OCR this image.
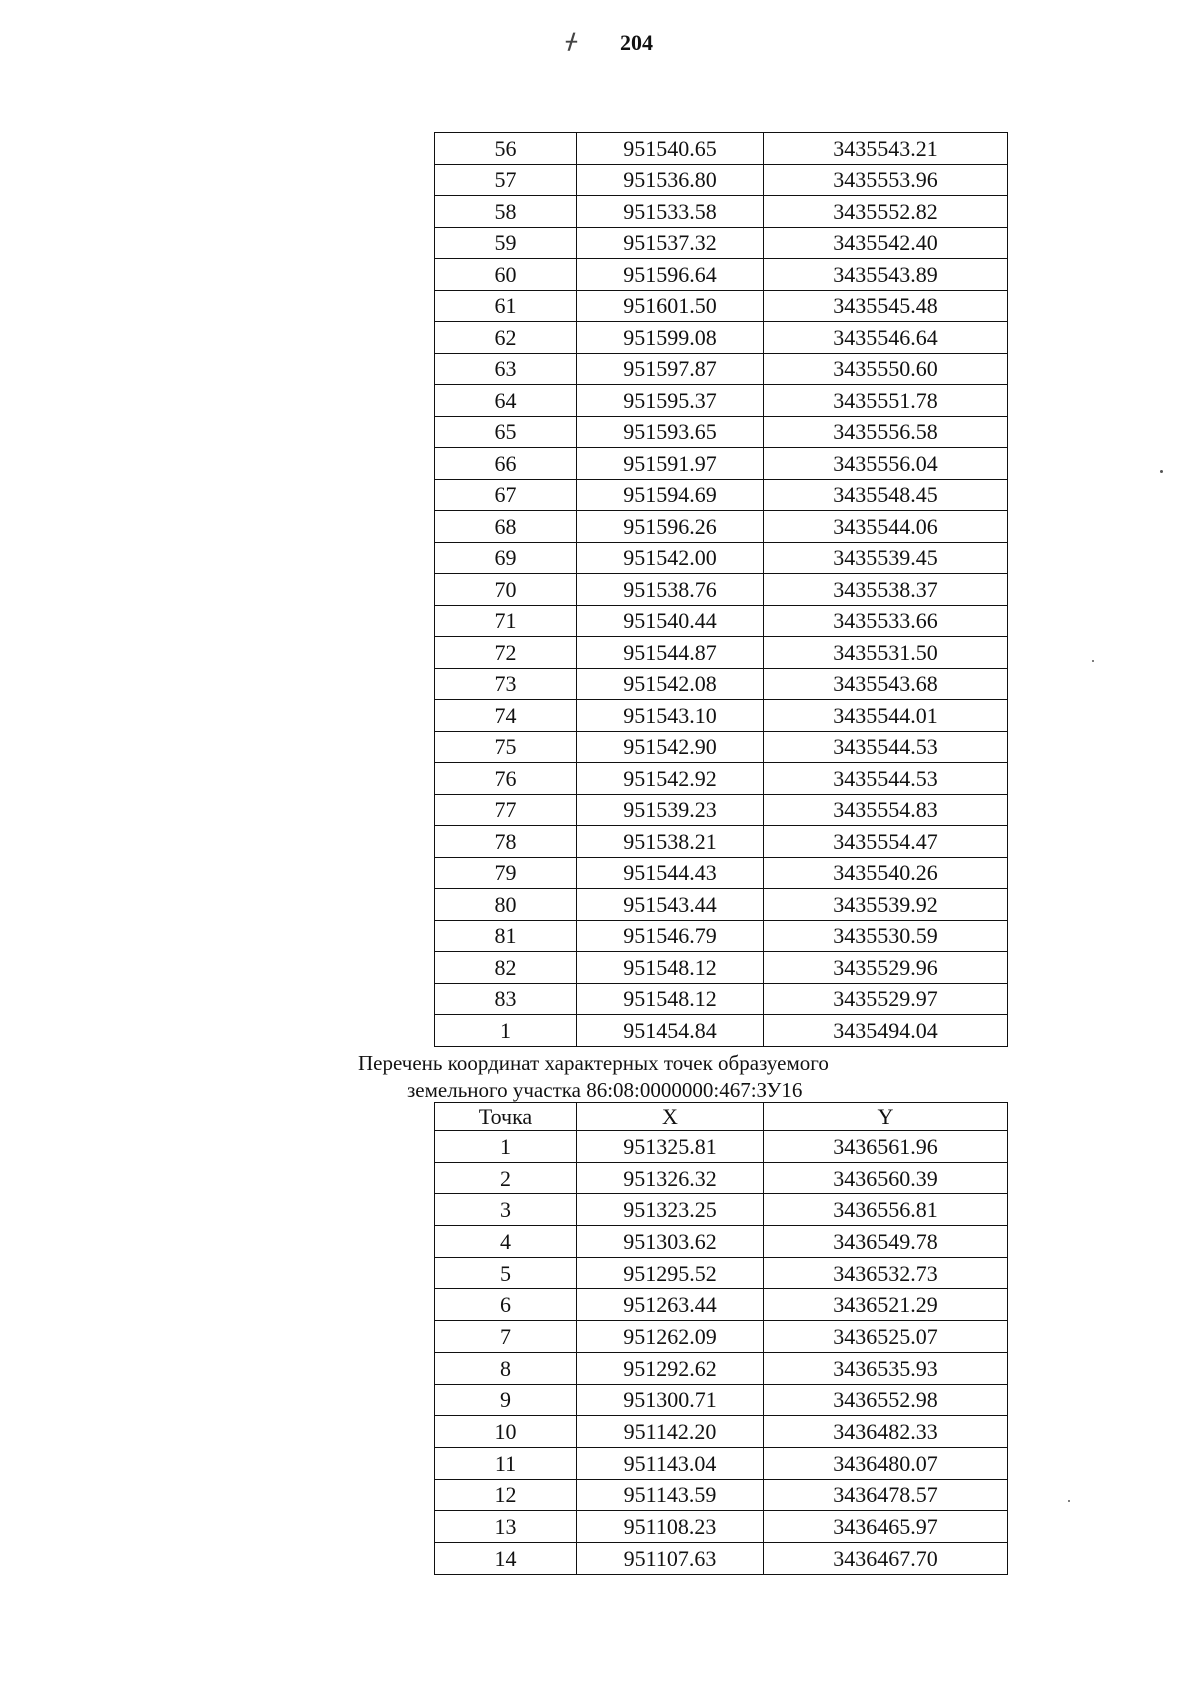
ᚋ 204
56	951540.65	3435543.21
57	951536.80	3435553.96
58	951533.58	3435552.82
59	951537.32	3435542.40
60	951596.64	3435543.89
61	951601.50	3435545.48
62	951599.08	3435546.64
63	951597.87	3435550.60
64	951595.37	3435551.78
65	951593.65	3435556.58
66	951591.97	3435556.04
67	951594.69	3435548.45
68	951596.26	3435544.06
69	951542.00	3435539.45
70	951538.76	3435538.37
71	951540.44	3435533.66
72	951544.87	3435531.50
73	951542.08	3435543.68
74	951543.10	3435544.01
75	951542.90	3435544.53
76	951542.92	3435544.53
77	951539.23	3435554.83
78	951538.21	3435554.47
79	951544.43	3435540.26
80	951543.44	3435539.92
81	951546.79	3435530.59
82	951548.12	3435529.96
83	951548.12	3435529.97
1	951454.84	3435494.04
Перечень координат характерных точек образуемого
земельного участка 86:08:0000000:467:ЗУ16
Точка	X	Y
1	951325.81	3436561.96
2	951326.32	3436560.39
3	951323.25	3436556.81
4	951303.62	3436549.78
5	951295.52	3436532.73
6	951263.44	3436521.29
7	951262.09	3436525.07
8	951292.62	3436535.93
9	951300.71	3436552.98
10	951142.20	3436482.33
11	951143.04	3436480.07
12	951143.59	3436478.57
13	951108.23	3436465.97
14	951107.63	3436467.70
